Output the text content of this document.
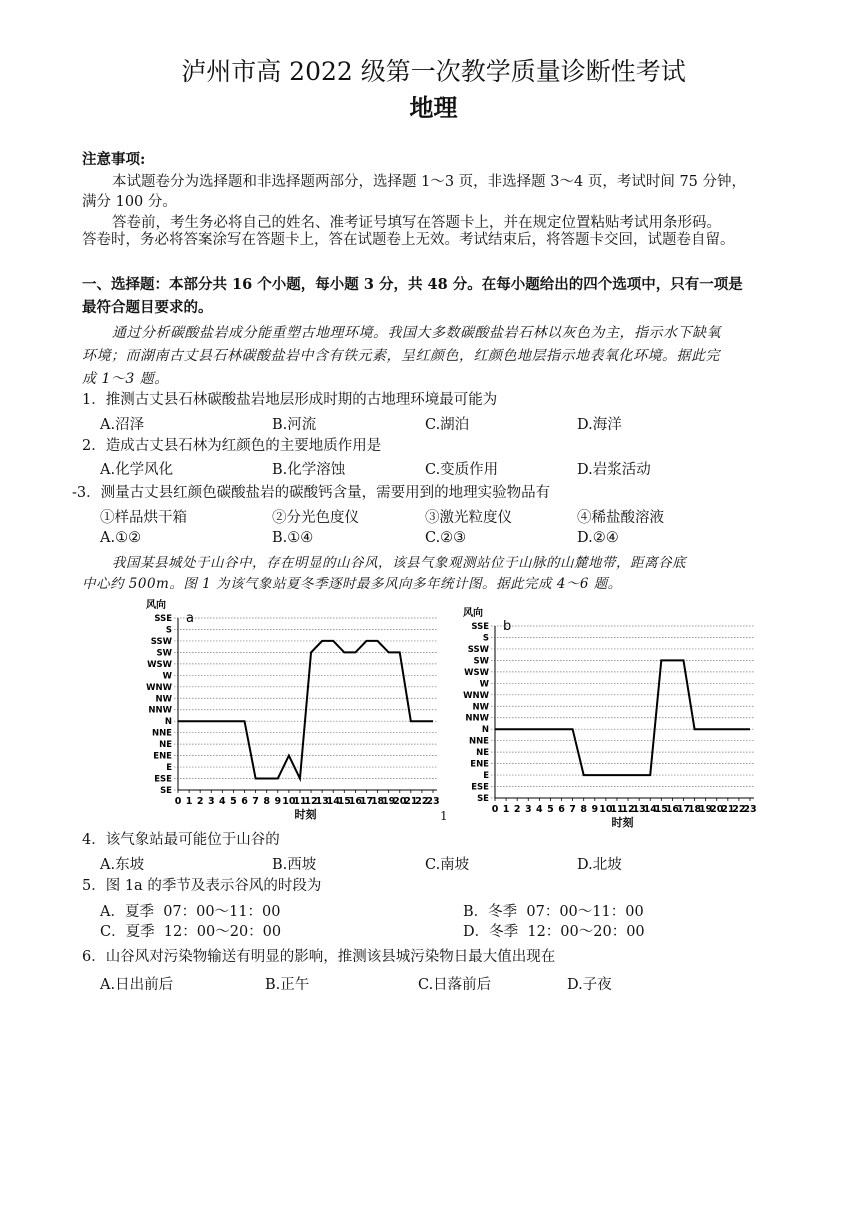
泸州市高 2022 级第一次教学质量诊断性考试
地理
注意事项:
本试题卷分为选择题和非选择题两部分，选择题 1～3 页，非选择题 3～4 页，考试时间 75 分钟，
满分 100 分。
答卷前，考生务必将自己的姓名、准考证号填写在答题卡上，并在规定位置粘贴考试用条形码。
答卷时，务必将答案涂写在答题卡上，答在试题卷上无效。考试结束后，将答题卡交回，试题卷自留。
一、选择题：本部分共 16 个小题，每小题 3 分，共 48 分。在每小题给出的四个选项中，只有一项是
最符合题目要求的。
通过分析碳酸盐岩成分能重塑古地理环境。我国大多数碳酸盐岩石林以灰色为主，指示水下缺氧
环境；而湖南古丈县石林碳酸盐岩中含有铁元素，呈红颜色，红颜色地层指示地表氧化环境。据此完
成 1～3 题。
1．推测古丈县石林碳酸盐岩地层形成时期的古地理环境最可能为
A.沼泽	B.河流	C.湖泊	D.海洋
2．造成古丈县石林为红颜色的主要地质作用是
A.化学风化	B.化学溶蚀	C.变质作用	D.岩浆活动
-3．测量古丈县红颜色碳酸盐岩的碳酸钙含量，需要用到的地理实验物品有
①样品烘干箱	②分光色度仪	③激光粒度仪	④稀盐酸溶液
A.①②	B.①④	C.②③	D.②④
我国某县城处于山谷中，存在明显的山谷风，该县气象观测站位于山脉的山麓地带，距离谷底
中心约 500m。图 1 为该气象站夏冬季逐时最多风向多年统计图。据此完成 4～6 题。
风向
SSE
S
SSW
SW
WSW
W
WNW
NW
NNW
N
NNE
NE
ENE
E
ESE
SE
0 1 2 3 4 5 6 7 8 9 10
11
12
13
14
15
16
17
18
19
20
21
22
23
时刻
a	风向
SSE
S
SSW
SW
WSW
W
WNW
NW
NNW
N
NNE
NE
ENE
E
ESE
SE
0 1 2 3 4 5 6 7 8 9 10
11
12
13
14
15
16
17
18
19
20
21
22
23
时刻
b
1
4．该气象站最可能位于山谷的
A.东坡	B.西坡	C.南坡	D.北坡
5．图 1a 的季节及表示谷风的时段为
A．夏季  07：00～11：00	B．冬季  07：00～11：00
C．夏季  12：00～20：00	D．冬季  12：00～20：00
6．山谷风对污染物输送有明显的影响，推测该县城污染物日最大值出现在
A.日出前后	B.正午	C.日落前后	D.子夜
